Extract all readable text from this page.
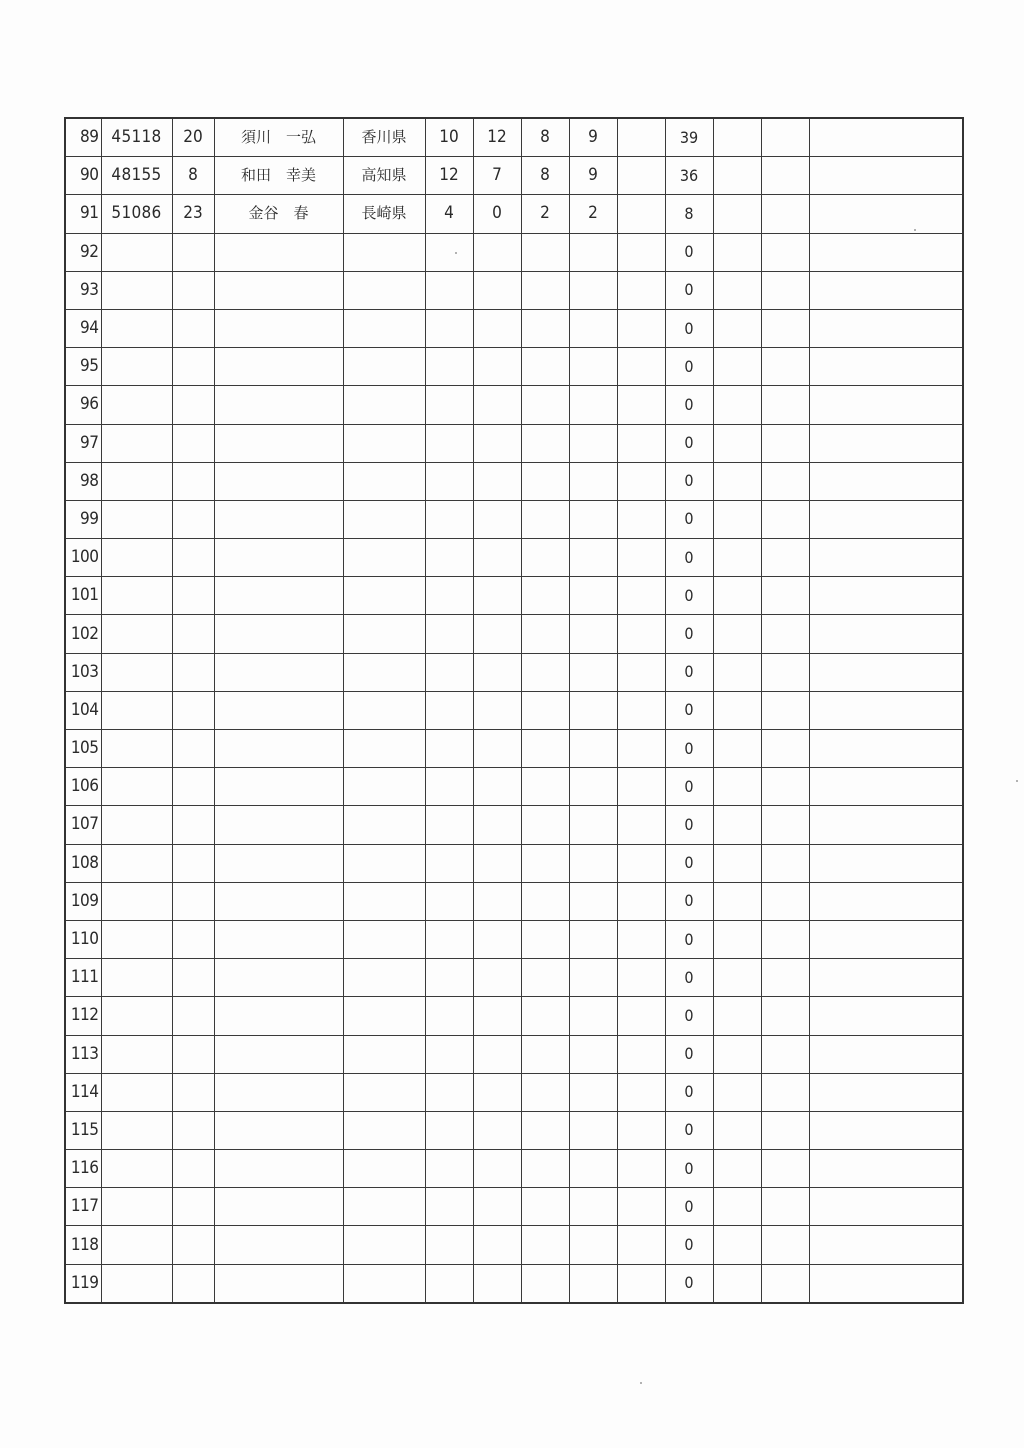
89	45118	20	須川　一弘	香川県	10	12	8	9		39			
90	48155	8	和田　幸美	高知県	12	7	8	9		36			
91	51086	23	金谷　春	長崎県	4	0	2	2		8			
92										0			
93										0			
94										0			
95										0			
96										0			
97										0			
98										0			
99										0			
100										0			
101										0			
102										0			
103										0			
104										0			
105										0			
106										0			
107										0			
108										0			
109										0			
110										0			
111										0			
112										0			
113										0			
114										0			
115										0			
116										0			
117										0			
118										0			
119										0			
